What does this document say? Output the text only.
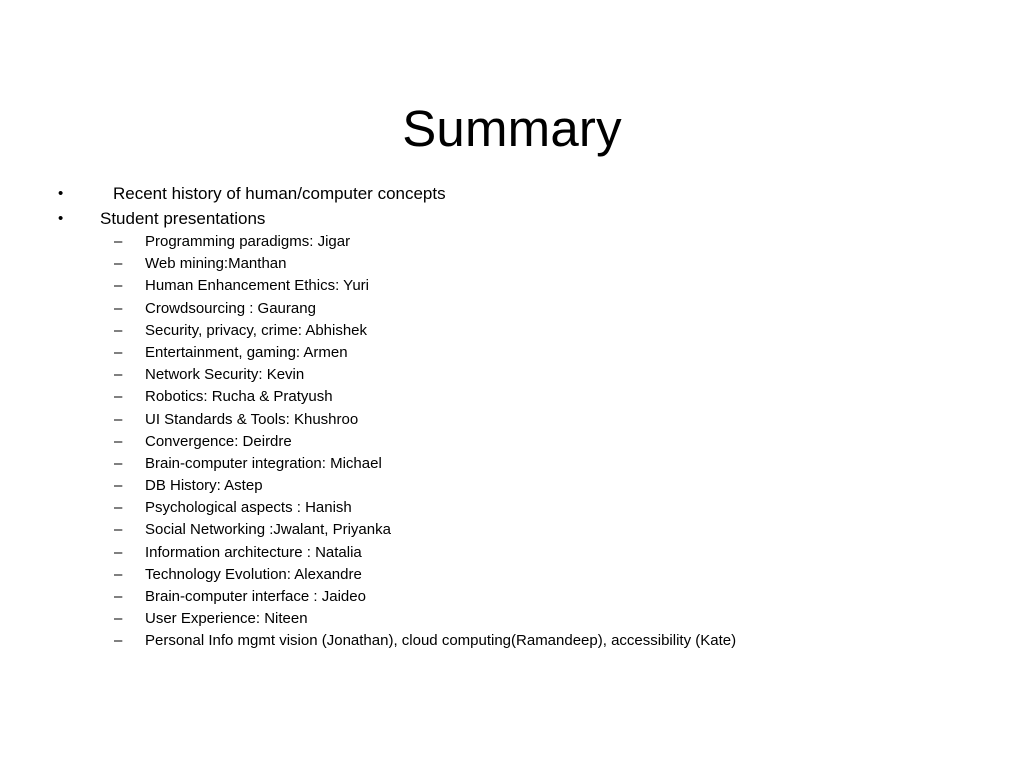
Summary
•	Recent history of human/computer concepts
• Student presentations
– Programming paradigms: Jigar
– Web mining:Manthan
– Human Enhancement Ethics: Yuri
– Crowdsourcing : Gaurang
– Security, privacy, crime: Abhishek
– Entertainment, gaming: Armen
– Network Security: Kevin
– Robotics: Rucha & Pratyush
– UI Standards & Tools: Khushroo
– Convergence: Deirdre
– Brain-computer integration: Michael
– DB History: Astep
– Psychological aspects : Hanish
– Social Networking :Jwalant, Priyanka
– Information architecture : Natalia
– Technology Evolution: Alexandre
– Brain-computer interface : Jaideo
– User Experience: Niteen
– Personal Info mgmt vision (Jonathan), cloud computing(Ramandeep), accessibility (Kate)
